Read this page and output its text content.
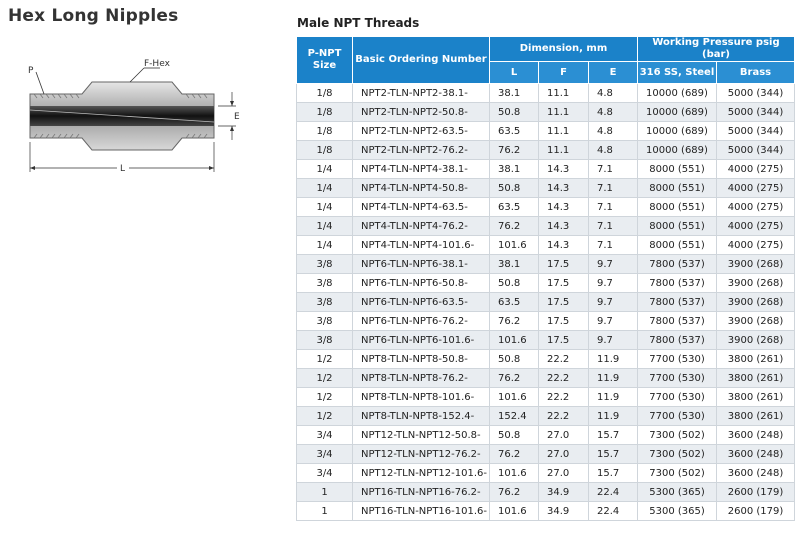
Hex Long Nipples
P
F-Hex
E
L
Male NPT Threads
P-NPT Size	Basic Ordering Number	Dimension, mm			Working Pressure psig (bar)	
		L	F	E	316 SS, Steel	Brass
1/8	NPT2-TLN-NPT2-38.1-	38.1	11.1	4.8	10000 (689)	5000 (344)
1/8	NPT2-TLN-NPT2-50.8-	50.8	11.1	4.8	10000 (689)	5000 (344)
1/8	NPT2-TLN-NPT2-63.5-	63.5	11.1	4.8	10000 (689)	5000 (344)
1/8	NPT2-TLN-NPT2-76.2-	76.2	11.1	4.8	10000 (689)	5000 (344)
1/4	NPT4-TLN-NPT4-38.1-	38.1	14.3	7.1	8000 (551)	4000 (275)
1/4	NPT4-TLN-NPT4-50.8-	50.8	14.3	7.1	8000 (551)	4000 (275)
1/4	NPT4-TLN-NPT4-63.5-	63.5	14.3	7.1	8000 (551)	4000 (275)
1/4	NPT4-TLN-NPT4-76.2-	76.2	14.3	7.1	8000 (551)	4000 (275)
1/4	NPT4-TLN-NPT4-101.6-	101.6	14.3	7.1	8000 (551)	4000 (275)
3/8	NPT6-TLN-NPT6-38.1-	38.1	17.5	9.7	7800 (537)	3900 (268)
3/8	NPT6-TLN-NPT6-50.8-	50.8	17.5	9.7	7800 (537)	3900 (268)
3/8	NPT6-TLN-NPT6-63.5-	63.5	17.5	9.7	7800 (537)	3900 (268)
3/8	NPT6-TLN-NPT6-76.2-	76.2	17.5	9.7	7800 (537)	3900 (268)
3/8	NPT6-TLN-NPT6-101.6-	101.6	17.5	9.7	7800 (537)	3900 (268)
1/2	NPT8-TLN-NPT8-50.8-	50.8	22.2	11.9	7700 (530)	3800 (261)
1/2	NPT8-TLN-NPT8-76.2-	76.2	22.2	11.9	7700 (530)	3800 (261)
1/2	NPT8-TLN-NPT8-101.6-	101.6	22.2	11.9	7700 (530)	3800 (261)
1/2	NPT8-TLN-NPT8-152.4-	152.4	22.2	11.9	7700 (530)	3800 (261)
3/4	NPT12-TLN-NPT12-50.8-	50.8	27.0	15.7	7300 (502)	3600 (248)
3/4	NPT12-TLN-NPT12-76.2-	76.2	27.0	15.7	7300 (502)	3600 (248)
3/4	NPT12-TLN-NPT12-101.6-	101.6	27.0	15.7	7300 (502)	3600 (248)
1	NPT16-TLN-NPT16-76.2-	76.2	34.9	22.4	5300 (365)	2600 (179)
1	NPT16-TLN-NPT16-101.6-	101.6	34.9	22.4	5300 (365)	2600 (179)
